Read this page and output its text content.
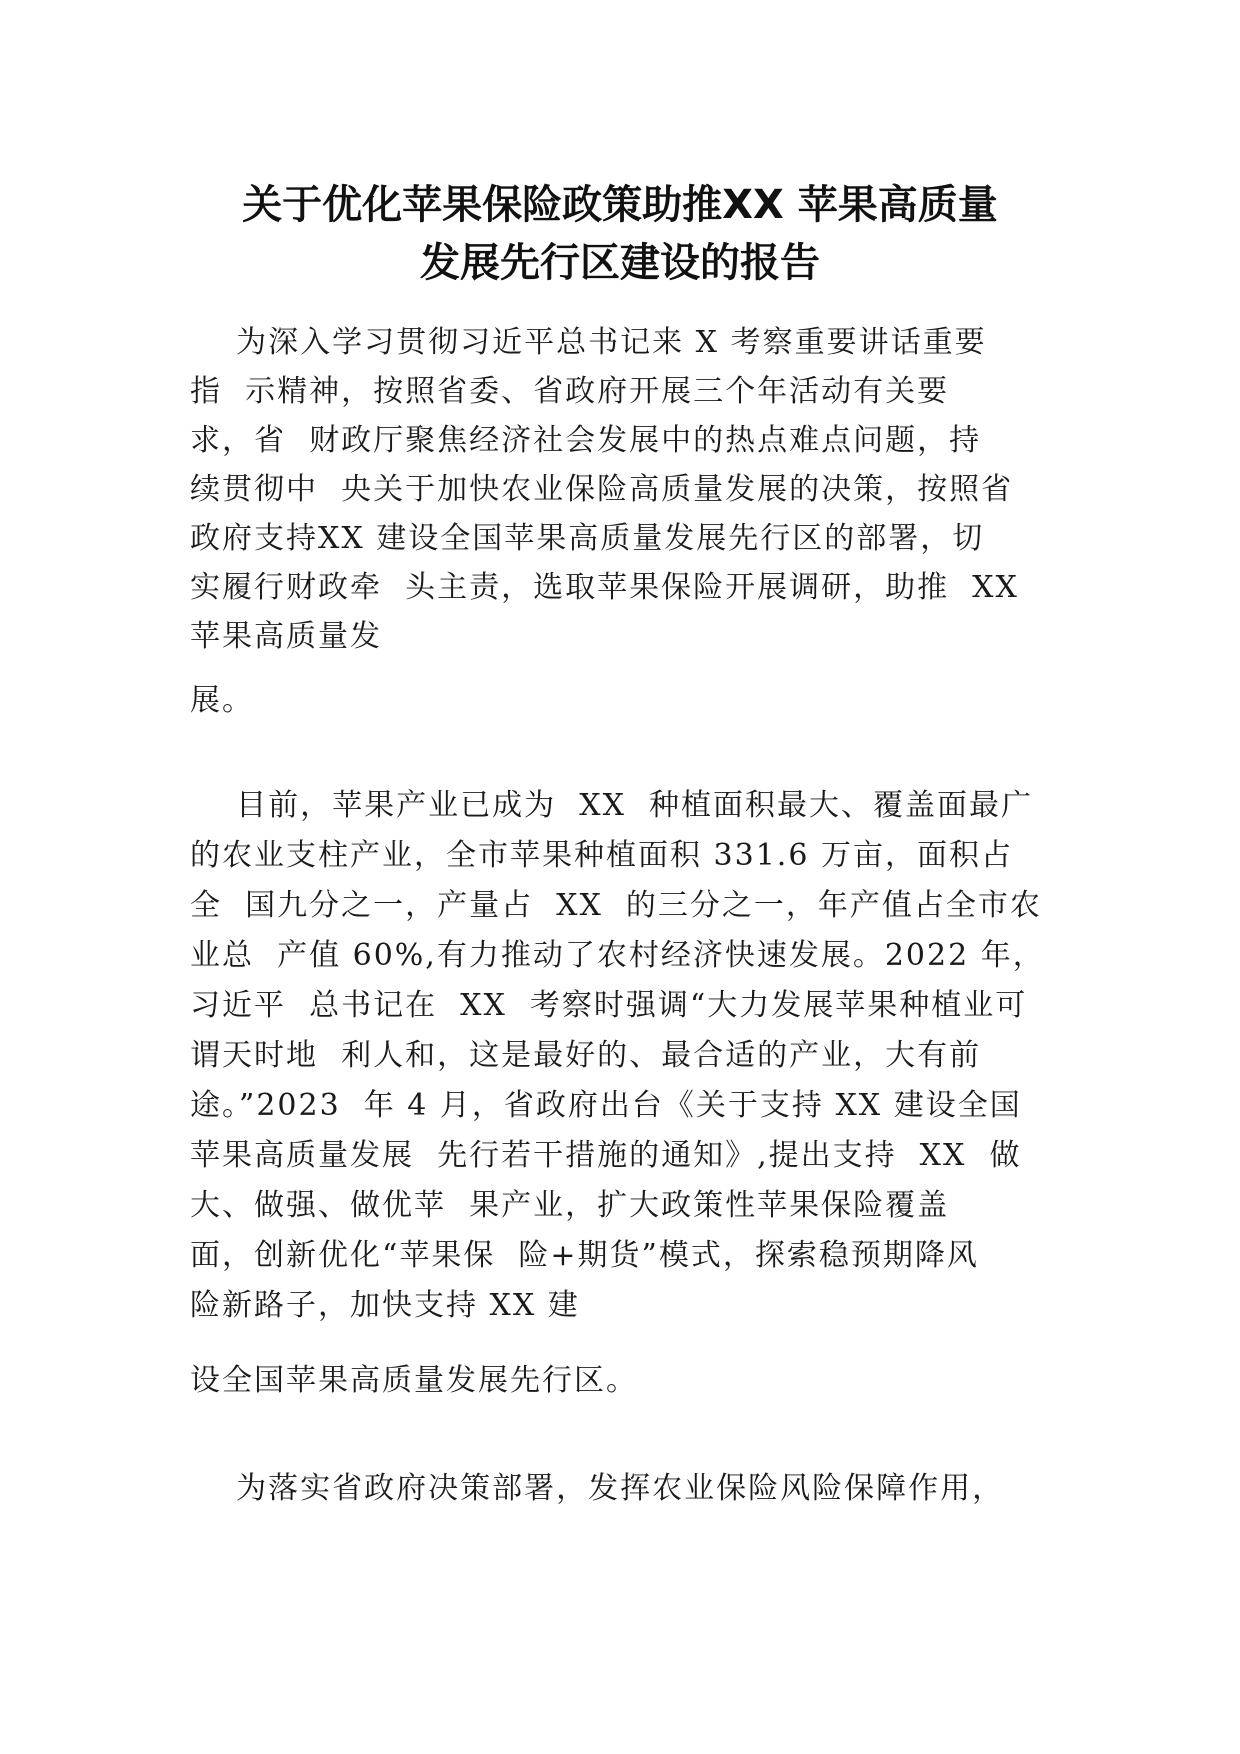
关于优化苹果保险政策助推XX 苹果高质量
发展先行区建设的报告
为深入学习贯彻习近平总书记来 X 考察重要讲话重要
指  示精神，按照省委、省政府开展三个年活动有关要
求，省  财政厅聚焦经济社会发展中的热点难点问题，持
续贯彻中  央关于加快农业保险高质量发展的决策，按照省
政府支持XX 建设全国苹果高质量发展先行区的部署，切
实履行财政牵  头主责，选取苹果保险开展调研，助推  XX
苹果高质量发
展。
目前，苹果产业已成为  XX  种植面积最大、覆盖面最广
的农业支柱产业，全市苹果种植面积 331.6 万亩，面积占
全  国九分之一，产量占  XX  的三分之一，年产值占全市农
业总  产值 60%,有力推动了农村经济快速发展。2022 年，
习近平  总书记在  XX  考察时强调“大力发展苹果种植业可
谓天时地  利人和，这是最好的、最合适的产业，大有前
途。”2023  年 4 月，省政府出台《关于支持 XX 建设全国
苹果高质量发展  先行若干措施的通知》,提出支持  XX  做
大、做强、做优苹  果产业，扩大政策性苹果保险覆盖
面，创新优化“苹果保  险+期货”模式，探索稳预期降风
险新路子，加快支持 XX 建
设全国苹果高质量发展先行区。
为落实省政府决策部署，发挥农业保险风险保障作用，
